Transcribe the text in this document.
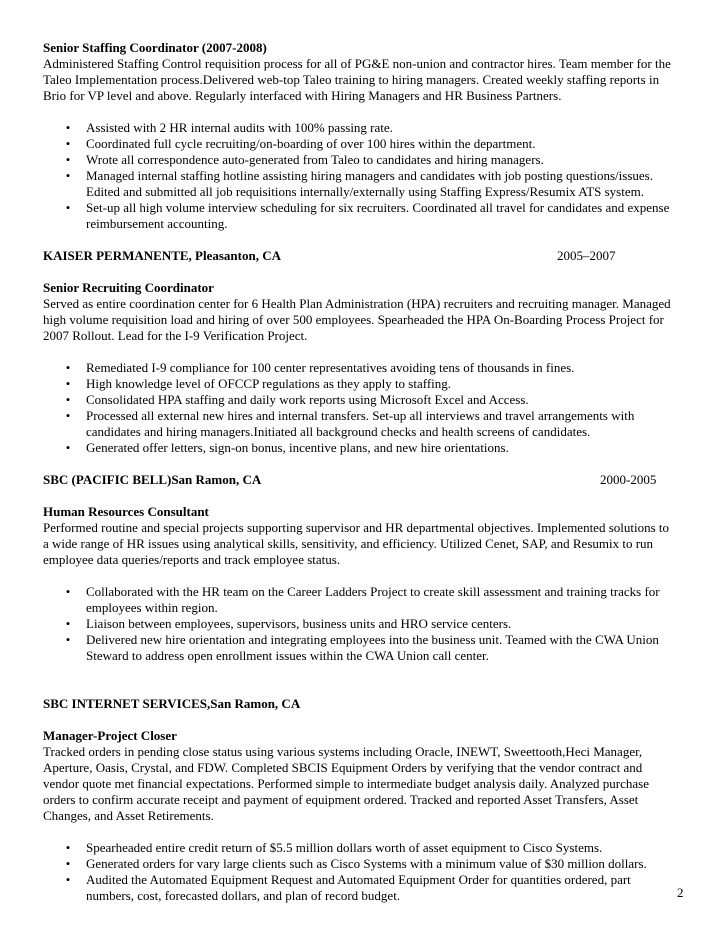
Senior Staffing Coordinator (2007-2008)

Administered Staffing Control requisition process for all of PG&E non-union and contractor hires. Team member for the

Taleo Implementation process.Delivered web-top Taleo training to hiring managers. Created weekly staffing reports in

Brio for VP level and above. Regularly interfaced with Hiring Managers and HR Business Partners.

• Assisted with 2 HR internal audits with 100% passing rate.
• Coordinated full cycle recruiting/on-boarding of over 100 hires within the department.
• Wrote all correspondence auto-generated from Taleo to candidates and hiring managers.
• Managed internal staffing hotline assisting hiring managers and candidates with job posting questions/issues.
Edited and submitted all job requisitions internally/externally using Staffing Express/Resumix ATS system.
• Set-up all high volume interview scheduling for six recruiters. Coordinated all travel for candidates and expense
reimbursement accounting.
KAISER PERMANENTE, Pleasanton, CA	2005–2007

Senior Recruiting Coordinator

Served as entire coordination center for 6 Health Plan Administration (HPA) recruiters and recruiting manager. Managed

high volume requisition load and hiring of over 500 employees. Spearheaded the HPA On-Boarding Process Project for

2007 Rollout. Lead for the I-9 Verification Project.

• Remediated I-9 compliance for 100 center representatives avoiding tens of thousands in fines.
• High knowledge level of OFCCP regulations as they apply to staffing.
• Consolidated HPA staffing and daily work reports using Microsoft Excel and Access.
• Processed all external new hires and internal transfers. Set-up all interviews and travel arrangements with
candidates and hiring managers.Initiated all background checks and health screens of candidates.
• Generated offer letters, sign-on bonus, incentive plans, and new hire orientations.
SBC (PACIFIC BELL)San Ramon, CA	2000-2005

Human Resources Consultant

Performed routine and special projects supporting supervisor and HR departmental objectives. Implemented solutions to

a wide range of HR issues using analytical skills, sensitivity, and efficiency. Utilized Cenet, SAP, and Resumix to run

employee data queries/reports and track employee status.

• Collaborated with the HR team on the Career Ladders Project to create skill assessment and training tracks for
employees within region.
• Liaison between employees, supervisors, business units and HRO service centers.
• Delivered new hire orientation and integrating employees into the business unit. Teamed with the CWA Union
Steward to address open enrollment issues within the CWA Union call center.
SBC INTERNET SERVICES,San Ramon, CA

Manager-Project Closer

Tracked orders in pending close status using various systems including Oracle, INEWT, Sweettooth,Heci Manager,

Aperture, Oasis, Crystal, and FDW. Completed SBCIS Equipment Orders by verifying that the vendor contract and

vendor quote met financial expectations. Performed simple to intermediate budget analysis daily. Analyzed purchase

orders to confirm accurate receipt and payment of equipment ordered. Tracked and reported Asset Transfers, Asset

Changes, and Asset Retirements.

• Spearheaded entire credit return of $5.5 million dollars worth of asset equipment to Cisco Systems.
• Generated orders for vary large clients such as Cisco Systems with a minimum value of $30 million dollars.
• Audited the Automated Equipment Request and Automated Equipment Order for quantities ordered, part
numbers, cost, forecasted dollars, and plan of record budget.	2
